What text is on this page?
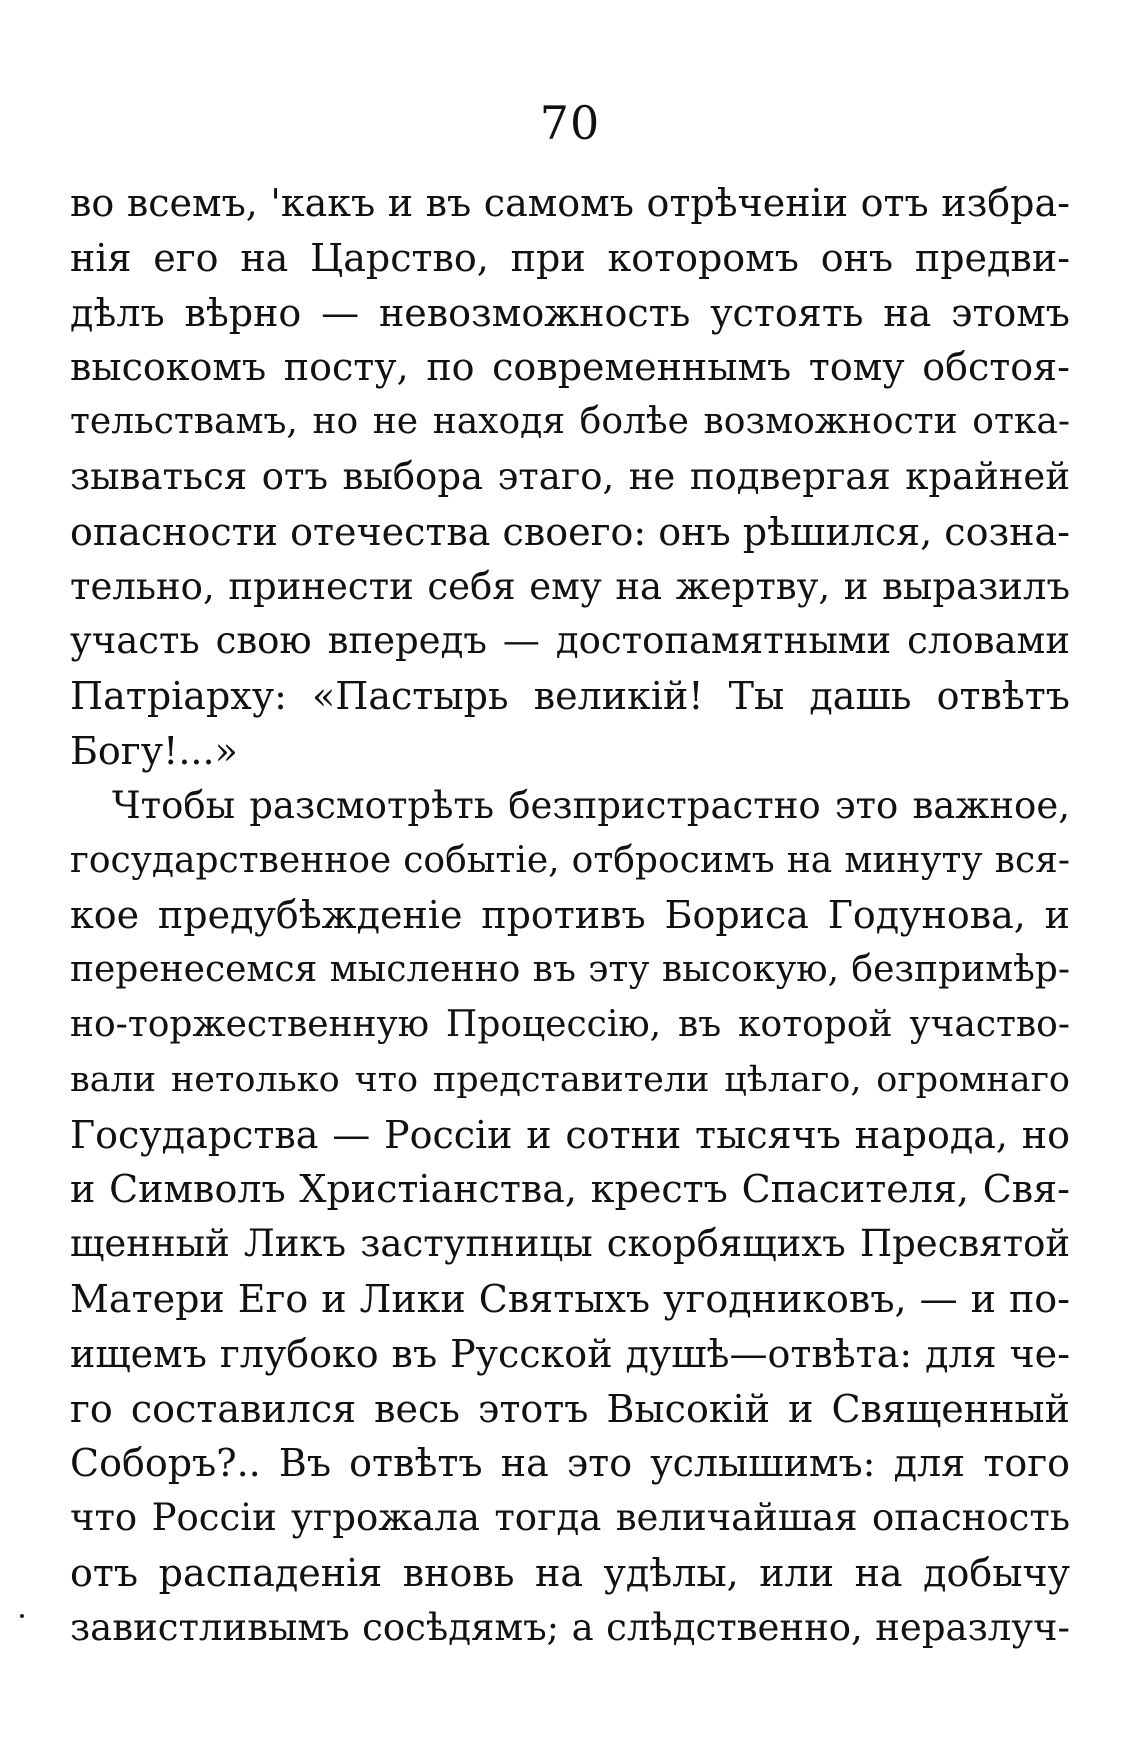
70
во всемъ, 'какъ и въ самомъ отрѣченіи отъ избра-
нія его на Царство, при которомъ онъ предви-
дѣлъ вѣрно — невозможность устоять на этомъ
высокомъ посту, по современнымъ тому обстоя-
тельствамъ, но не находя болѣе возможности отка-
зываться отъ выбора этаго, не подвергая крайней
опасности отечества своего: онъ рѣшился, созна-
тельно, принести себя ему на жертву, и выразилъ
участь свою впередъ — достопамятными словами
Патріарху: «Пастырь великій! Ты дашь отвѣтъ
Богу!...»
Чтобы разсмотрѣть безпристрастно это важное,
государственное событіе, отбросимъ на минуту вся-
кое предубѣжденіе противъ Бориса Годунова, и
перенесемся мысленно въ эту высокую, безпримѣр-
но-торжественную Процессію, въ которой участво-
вали нетолько что представители цѣлаго, огромнаго
Государства — Россіи и сотни тысячъ народа, но
и Символъ Христіанства, крестъ Спасителя, Свя-
щенный Ликъ заступницы скорбящихъ Пресвятой
Матери Его и Лики Святыхъ угодниковъ, — и по-
ищемъ глубоко въ Русской душѣ—отвѣта: для че-
го составился весь этотъ Высокій и Священный
Соборъ?.. Въ отвѣтъ на это услышимъ: для того
что Россіи угрожала тогда величайшая опасность
отъ распаденія вновь на удѣлы, или на добычу
завистливымъ сосѣдямъ; а слѣдственно, неразлуч-
